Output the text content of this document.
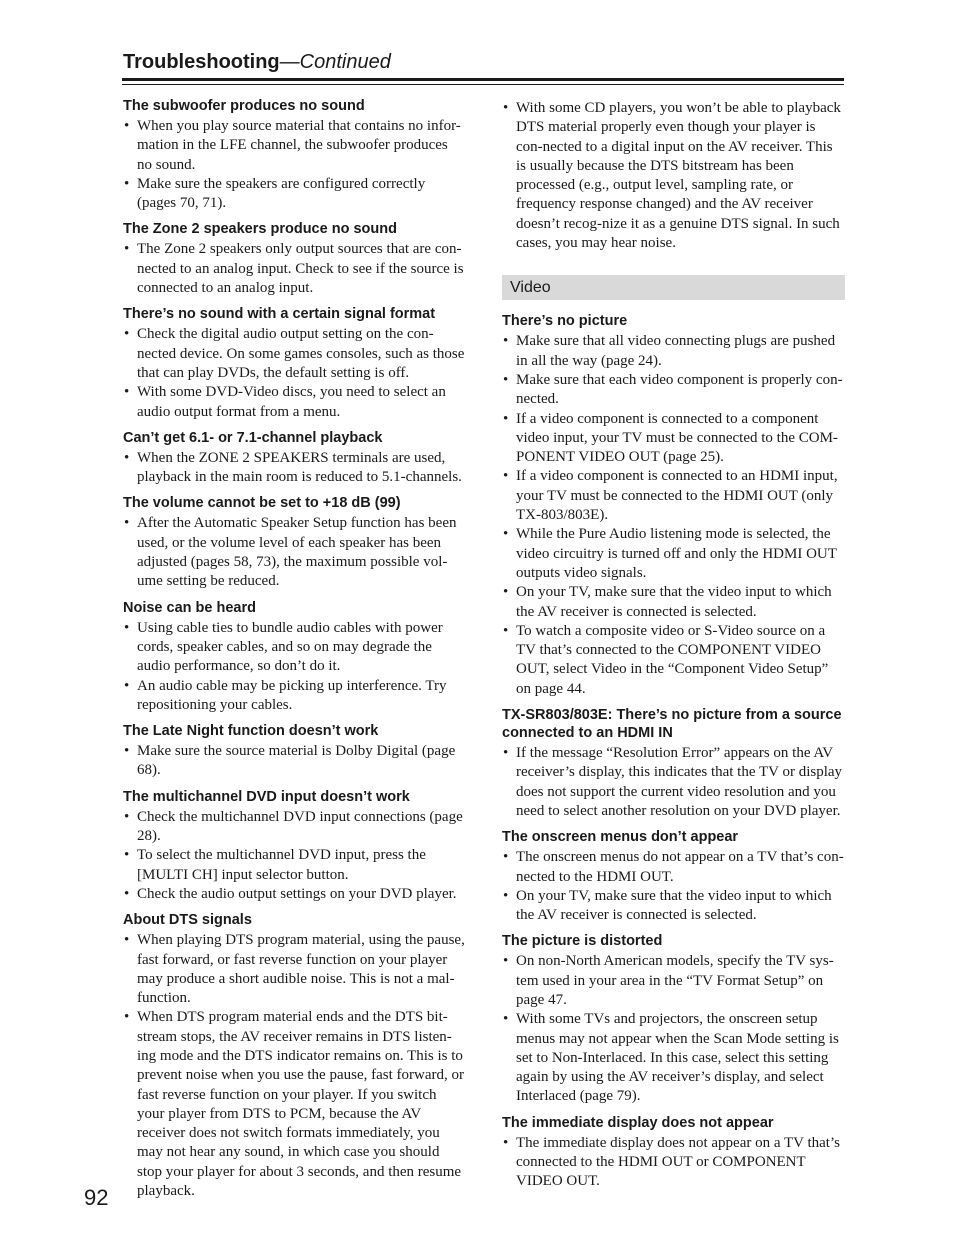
Troubleshooting—Continued
The subwoofer produces no sound
• When you play source material that contains no infor-mation in the LFE channel, the subwoofer produces no sound.
• Make sure the speakers are configured correctly (pages 70, 71).
The Zone 2 speakers produce no sound
• The Zone 2 speakers only output sources that are con-nected to an analog input. Check to see if the source is connected to an analog input.
There’s no sound with a certain signal format
• Check the digital audio output setting on the con-nected device. On some games consoles, such as those that can play DVDs, the default setting is off.
• With some DVD-Video discs, you need to select an audio output format from a menu.
Can’t get 6.1- or 7.1-channel playback
• When the ZONE 2 SPEAKERS terminals are used, playback in the main room is reduced to 5.1-channels.
The volume cannot be set to +18 dB (99)
• After the Automatic Speaker Setup function has been used, or the volume level of each speaker has been adjusted (pages 58, 73), the maximum possible vol-ume setting be reduced.
Noise can be heard
• Using cable ties to bundle audio cables with power cords, speaker cables, and so on may degrade the audio performance, so don’t do it.
• An audio cable may be picking up interference. Try repositioning your cables.
The Late Night function doesn’t work
• Make sure the source material is Dolby Digital (page 68).
The multichannel DVD input doesn’t work
• Check the multichannel DVD input connections (page 28).
• To select the multichannel DVD input, press the [MULTI CH] input selector button.
• Check the audio output settings on your DVD player.
About DTS signals
• When playing DTS program material, using the pause, fast forward, or fast reverse function on your player may produce a short audible noise. This is not a mal-function.
• When DTS program material ends and the DTS bit-stream stops, the AV receiver remains in DTS listen-ing mode and the DTS indicator remains on. This is to prevent noise when you use the pause, fast forward, or fast reverse function on your player. If you switch your player from DTS to PCM, because the AV receiver does not switch formats immediately, you may not hear any sound, in which case you should stop your player for about 3 seconds, and then resume playback.
• With some CD players, you won’t be able to playback DTS material properly even though your player is con-nected to a digital input on the AV receiver. This is usually because the DTS bitstream has been processed (e.g., output level, sampling rate, or frequency response changed) and the AV receiver doesn’t recog-nize it as a genuine DTS signal. In such cases, you may hear noise.
Video
There’s no picture
• Make sure that all video connecting plugs are pushed in all the way (page 24).
• Make sure that each video component is properly con-nected.
• If a video component is connected to a component video input, your TV must be connected to the COM-PONENT VIDEO OUT (page 25).
• If a video component is connected to an HDMI input, your TV must be connected to the HDMI OUT (only TX-803/803E).
• While the Pure Audio listening mode is selected, the video circuitry is turned off and only the HDMI OUT outputs video signals.
• On your TV, make sure that the video input to which the AV receiver is connected is selected.
• To watch a composite video or S-Video source on a TV that’s connected to the COMPONENT VIDEO OUT, select Video in the “Component Video Setup” on page 44.
TX-SR803/803E: There’s no picture from a source connected to an HDMI IN
• If the message “Resolution Error” appears on the AV receiver’s display, this indicates that the TV or display does not support the current video resolution and you need to select another resolution on your DVD player.
The onscreen menus don’t appear
• The onscreen menus do not appear on a TV that’s con-nected to the HDMI OUT.
• On your TV, make sure that the video input to which the AV receiver is connected is selected.
The picture is distorted
• On non-North American models, specify the TV sys-tem used in your area in the “TV Format Setup” on page 47.
• With some TVs and projectors, the onscreen setup menus may not appear when the Scan Mode setting is set to Non-Interlaced. In this case, select this setting again by using the AV receiver’s display, and select Interlaced (page 79).
The immediate display does not appear
• The immediate display does not appear on a TV that’s connected to the HDMI OUT or COMPONENT VIDEO OUT.
92
